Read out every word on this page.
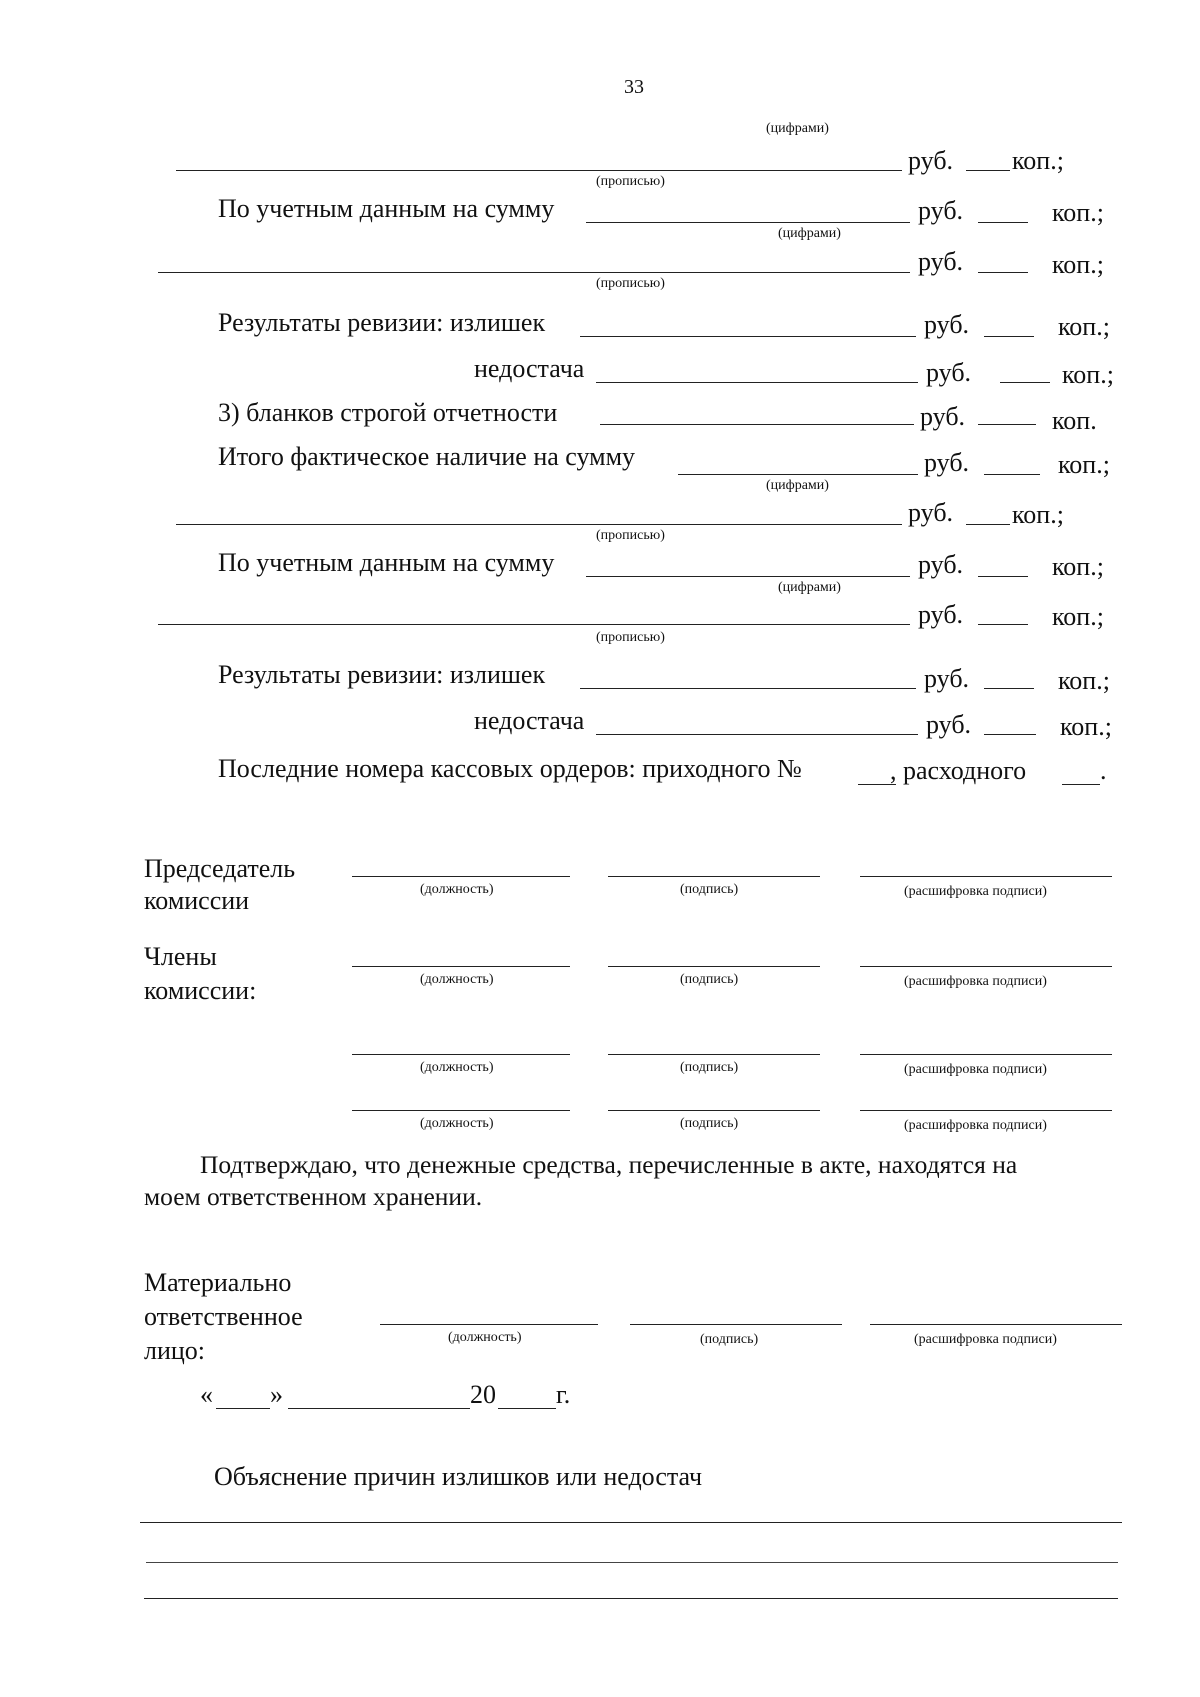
33
(цифрами)
руб. коп.;
(прописью)
По учетным данным на сумму	руб.	коп.;
(цифрами)
руб.	коп.;
(прописью)
Результаты ревизии: излишек	руб.	коп.;
недостача	руб.	коп.;
3) бланков строгой отчетности	руб.	коп.
Итого фактическое наличие на сумму	руб.	коп.;
(цифрами)
руб. коп.;
(прописью)
По учетным данным на сумму	руб.	коп.;
(цифрами)
руб.	коп.;
(прописью)
Результаты ревизии: излишек	руб.	коп.;
недостача	руб.	коп.;
Последние номера кассовых ордеров: приходного №	, расходного	.
Председатель
комиссии	(должность)	(подпись)	(расшифровка подписи)
Члены
комиссии:	(должность)	(подпись)	(расшифровка подписи)
(должность)	(подпись)	(расшифровка подписи)
(должность)	(подпись)	(расшифровка подписи)
Подтверждаю, что денежные средства, перечисленные в акте, находятся на
моем ответственном хранении.
Материально
ответственное
лицо:	(должность)	(подпись)	(расшифровка подписи)
« »	20 г.
Объяснение причин излишков или недостач
